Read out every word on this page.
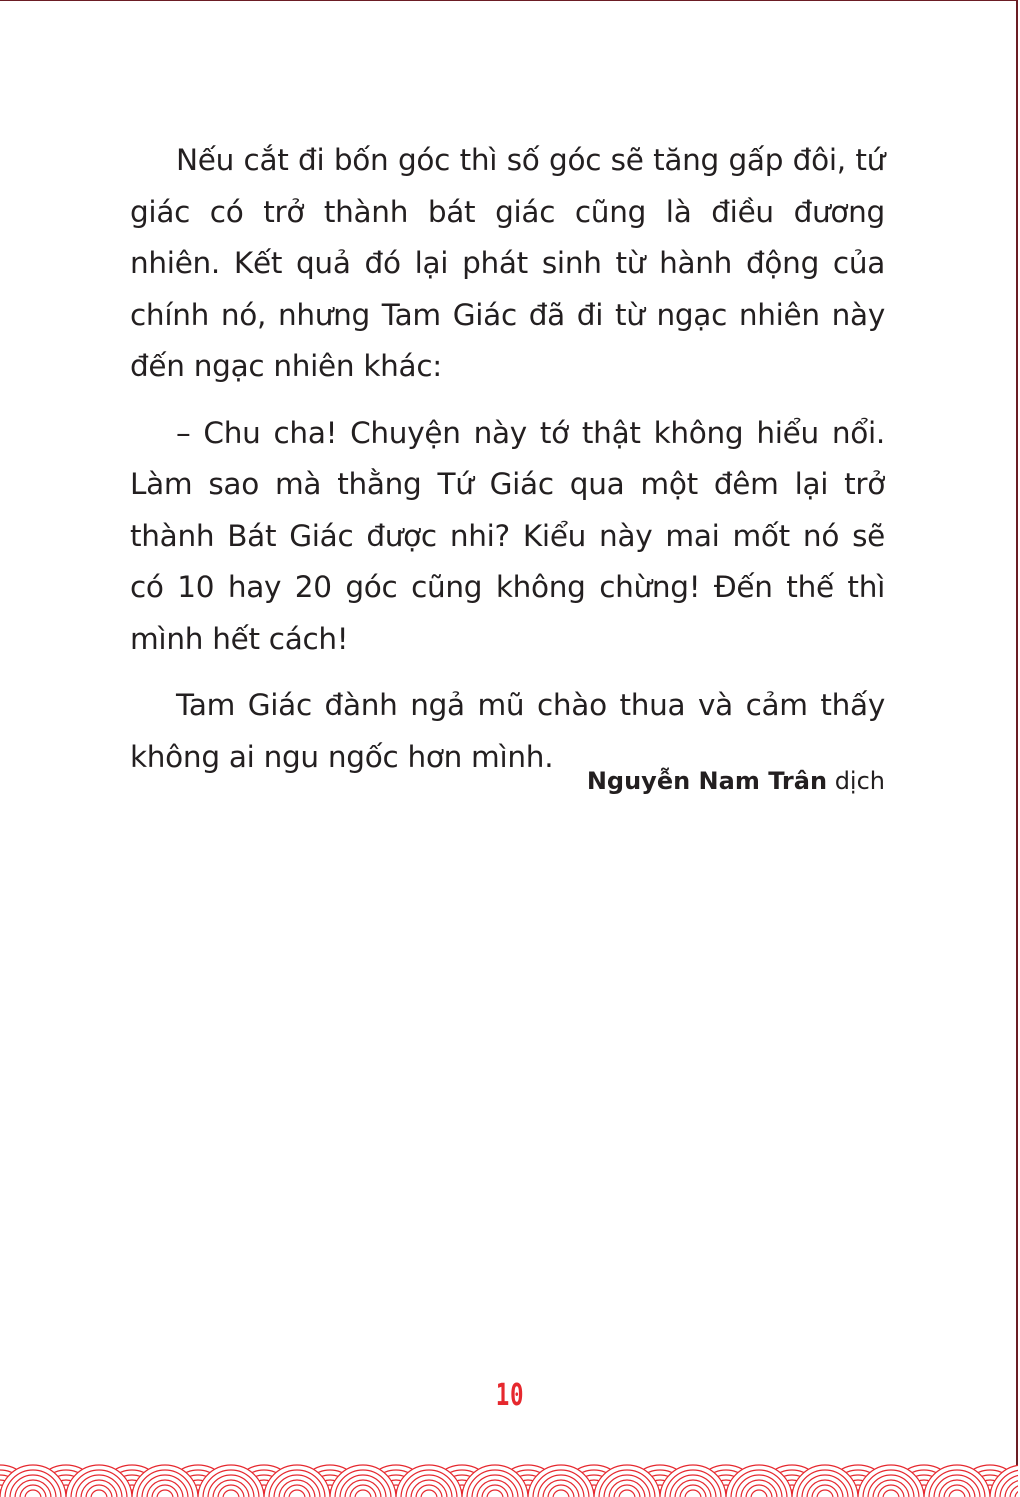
Nếu cắt đi bốn góc thì số góc sẽ tăng gấp đôi, tứ giác có trở thành bát giác cũng là điều đương nhiên. Kết quả đó lại phát sinh từ hành động của chính nó, nhưng Tam Giác đã đi từ ngạc nhiên này đến ngạc nhiên khác:

– Chu cha! Chuyện này tớ thật không hiểu nổi. Làm sao mà thằng Tứ Giác qua một đêm lại trở thành Bát Giác được nhi? Kiểu này mai mốt nó sẽ có 10 hay 20 góc cũng không chừng! Đến thế thì mình hết cách!

Tam Giác đành ngả mũ chào thua và cảm thấy không ai ngu ngốc hơn mình.

Nguyễn Nam Trân dịch
10
